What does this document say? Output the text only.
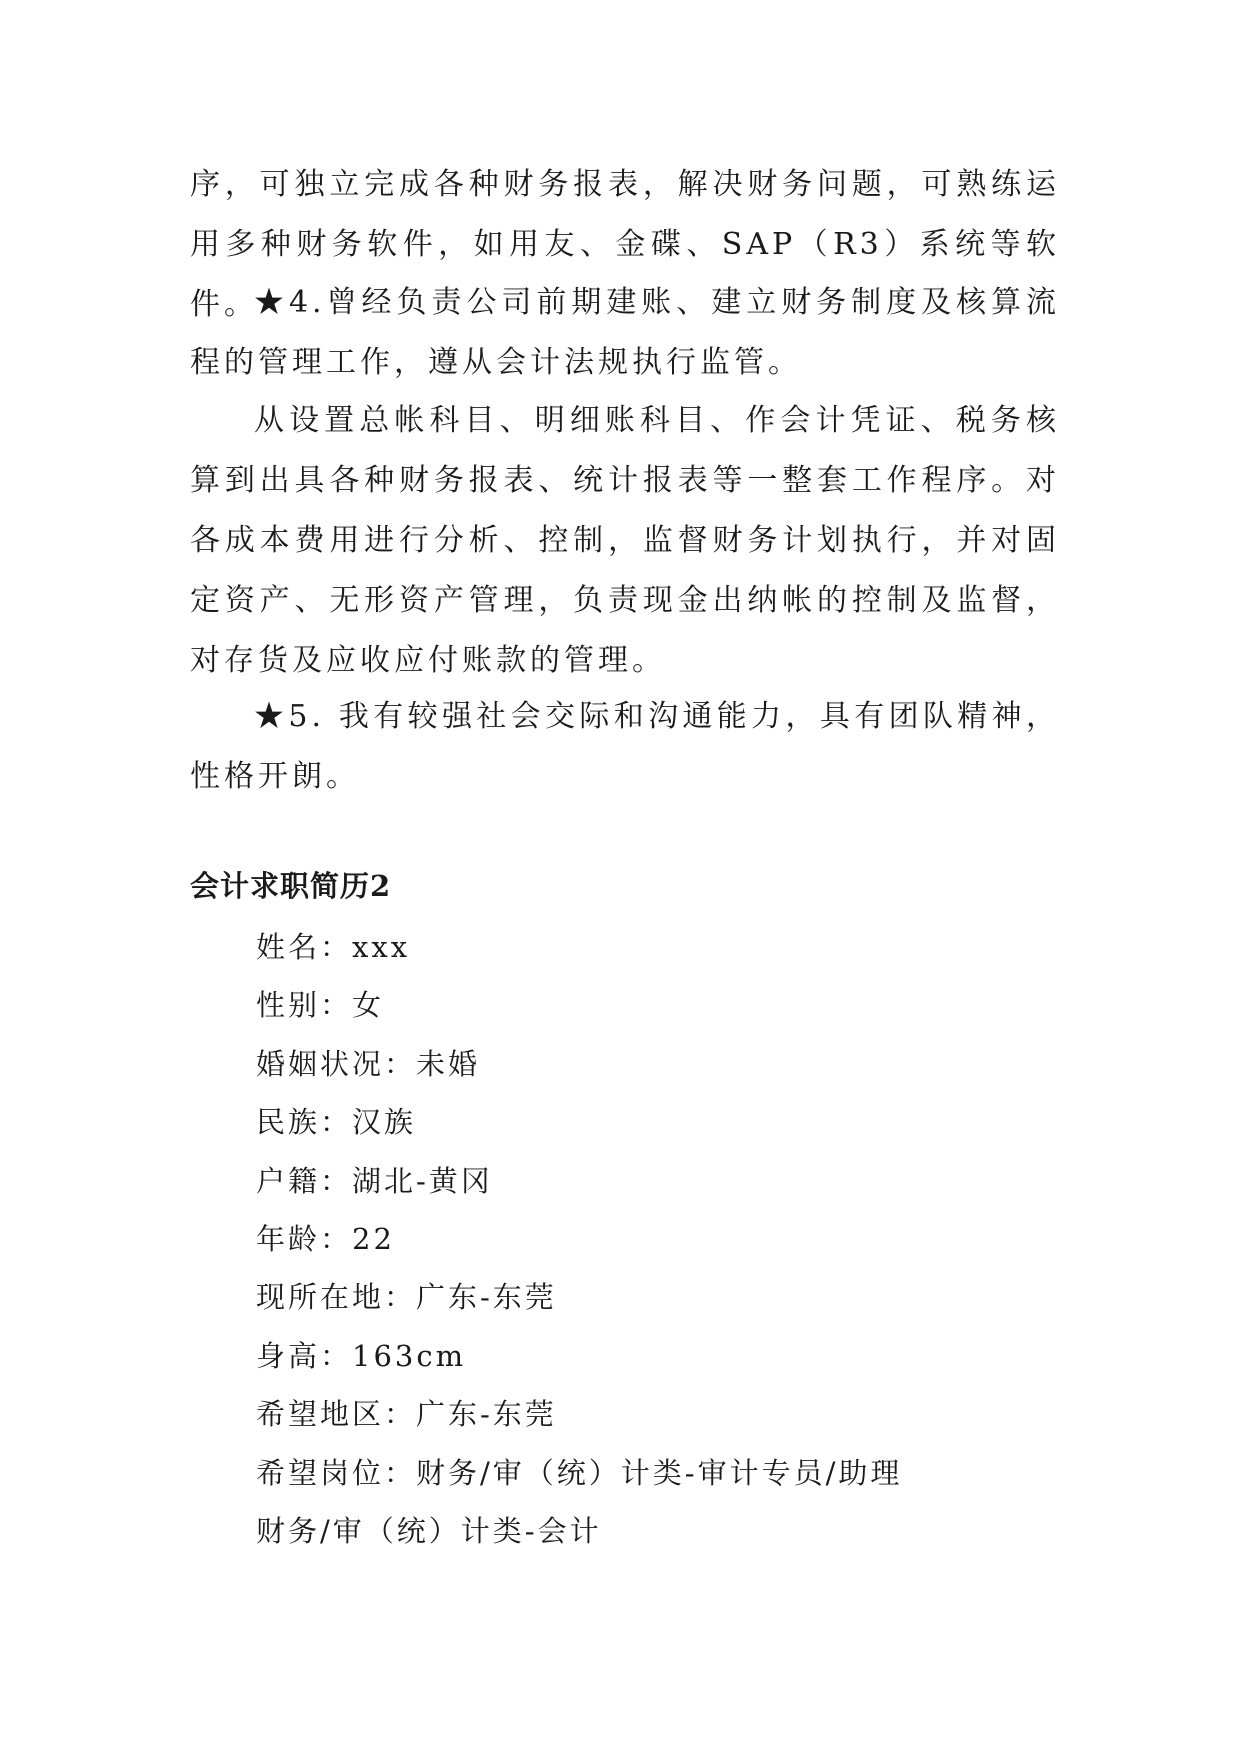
序，可独立完成各种财务报表，解决财务问题，可熟练运用多种财务软件，如用友、金碟、SAP（R3）系统等软件。

★4.曾经负责公司前期建账、建立财务制度及核算流程的管理工作，遵从会计法规执行监管。

从设置总帐科目、明细账科目、作会计凭证、税务核算到出具各种财务报表、统计报表等一整套工作程序。对各成本费用进行分析、控制，监督财务计划执行，并对固定资产、无形资产管理，负责现金出纳帐的控制及监督，对存货及应收应付账款的管理。

★5. 我有较强社会交际和沟通能力，具有团队精神，性格开朗。

会计求职简历2
姓名：xxx
性别：女
婚姻状况：未婚
民族：汉族
户籍：湖北-黄冈
年龄：22
现所在地：广东-东莞
身高：163cm
希望地区：广东-东莞
希望岗位：财务/审（统）计类-审计专员/助理
财务/审（统）计类-会计
